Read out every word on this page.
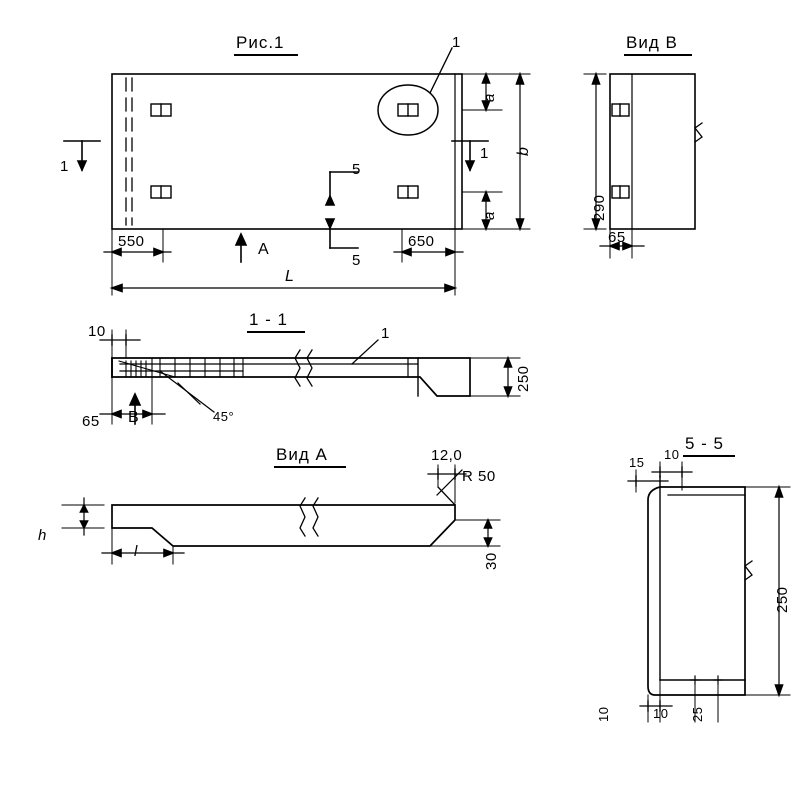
Рис.1	Вид В
1 - 1
Вид А
5 - 5
1
1
1
5
5
A
550	650
L
b
a
a	290
65
10
65	45°
250
1
B
h
l
12,0
R 50
30
15
10
250
10	10 25
